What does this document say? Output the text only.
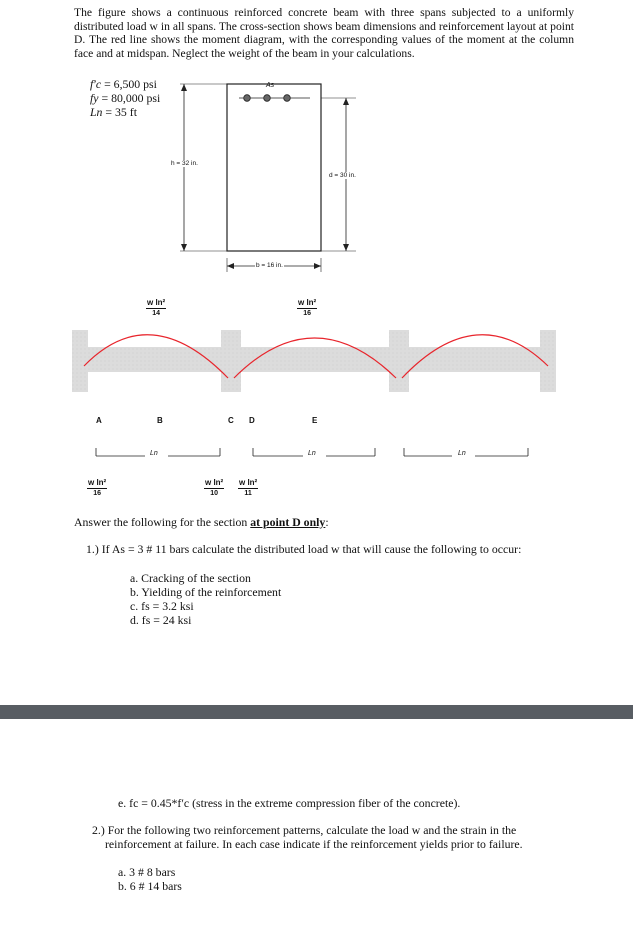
The figure shows a continuous reinforced concrete beam with three spans subjected to a uniformly distributed load w in all spans. The cross-section shows beam dimensions and reinforcement layout at point D. The red line shows the moment diagram, with the corresponding values of the moment at the column face and at midspan. Neglect the weight of the beam in your calculations.
f′c = 6,500 psi
fy = 80,000 psi
Ln = 35 ft
As
h = 32 in.
d = 30 in.
b = 16 in.
$\frac{\text{w ln²}}{14}$	$\frac{\text{w ln²}}{16}$
A	B	C D	E
Ln	Ln	Ln
$\frac{\text{w ln²}}{16}$	$\frac{\text{w ln²}}{10} \frac{\text{w ln²}}{11}$
Answer the following for the section at point D only:
1.) If As = 3 # 11 bars calculate the distributed load w that will cause the following to occur:
a. Cracking of the section
b. Yielding of the reinforcement
c. fs = 3.2 ksi
d. fs = 24 ksi
e. fc = 0.45*f′c (stress in the extreme compression fiber of the concrete).
2.) For the following two reinforcement patterns, calculate the load w and the strain in the reinforcement at failure. In each case indicate if the reinforcement yields prior to failure.
a. 3 # 8 bars
b. 6 # 14 bars
